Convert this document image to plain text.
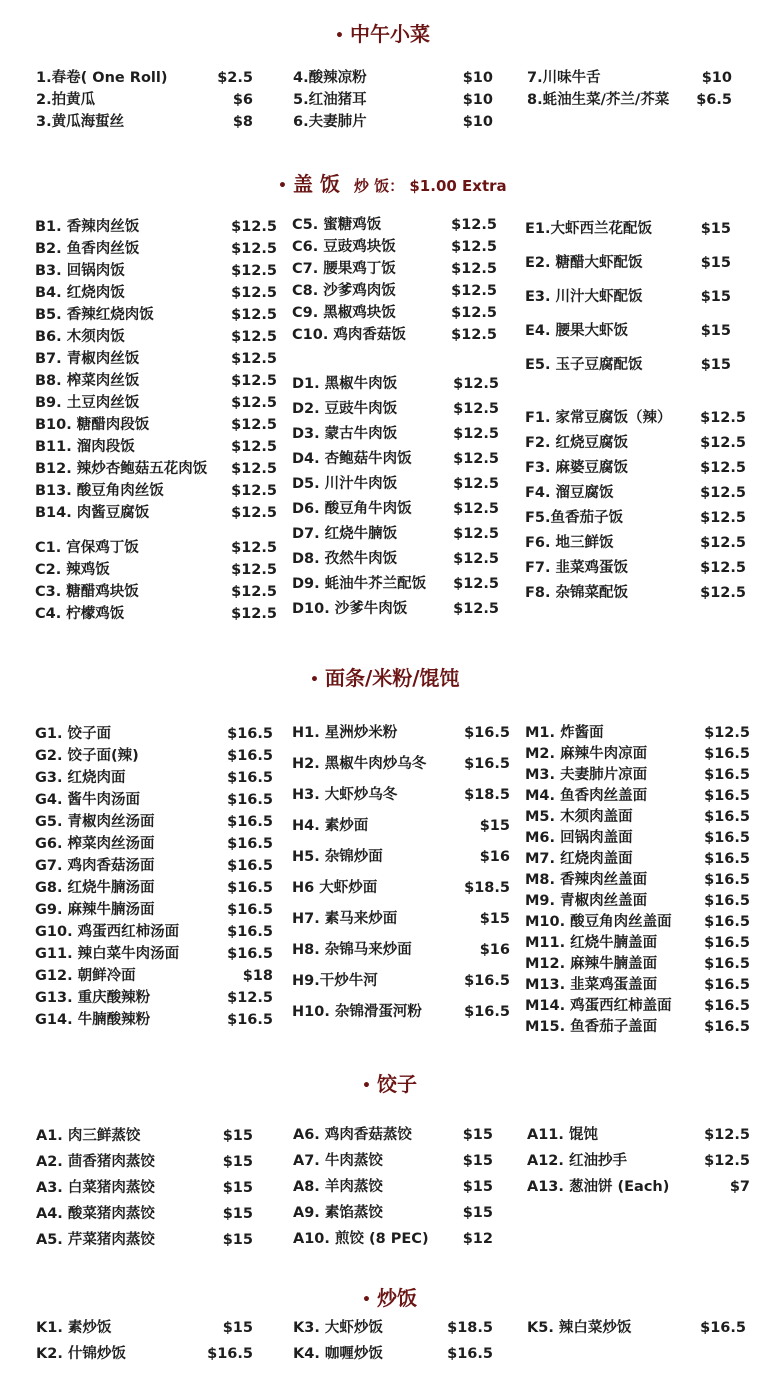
• 中午小菜
• 盖 饭 炒 饭： $1.00 Extra
• 面条/米粉/馄饨
• 饺子
• 炒饭
1.春卷( One Roll)	$2.5
2.拍黄瓜	$6
3.黄瓜海蜇丝	$8
4.酸辣凉粉	$10
5.红油猪耳	$10
6.夫妻肺片	$10
7.川味牛舌	$10
8.蚝油生菜/芥兰/芥菜 $6.5
B1. 香辣肉丝饭	$12.5
B2. 鱼香肉丝饭	$12.5
B3. 回锅肉饭	$12.5
B4. 红烧肉饭	$12.5
B5. 香辣红烧肉饭	$12.5
B6. 木须肉饭	$12.5
B7. 青椒肉丝饭	$12.5
B8. 榨菜肉丝饭	$12.5
B9. 土豆肉丝饭	$12.5
B10. 糖醋肉段饭	$12.5
B11. 溜肉段饭	$12.5
B12. 辣炒杏鲍菇五花肉饭 $12.5
B13. 酸豆角肉丝饭	$12.5
B14. 肉酱豆腐饭	$12.5
C1. 宫保鸡丁饭	$12.5
C2. 辣鸡饭	$12.5
C3. 糖醋鸡块饭	$12.5
C4. 柠檬鸡饭	$12.5
C5. 蜜糖鸡饭	$12.5
C6. 豆豉鸡块饭	$12.5
C7. 腰果鸡丁饭	$12.5
C8. 沙爹鸡肉饭	$12.5
C9. 黑椒鸡块饭	$12.5
C10. 鸡肉香菇饭	$12.5
D1. 黑椒牛肉饭	$12.5
D2. 豆豉牛肉饭	$12.5
D3. 蒙古牛肉饭	$12.5
D4. 杏鲍菇牛肉饭	$12.5
D5. 川汁牛肉饭	$12.5
D6. 酸豆角牛肉饭	$12.5
D7. 红烧牛腩饭	$12.5
D8. 孜然牛肉饭	$12.5
D9. 蚝油牛芥兰配饭 $12.5
D10. 沙爹牛肉饭	$12.5
E1.大虾西兰花配饭	$15
E2. 糖醋大虾配饭	$15
E3. 川汁大虾配饭	$15
E4. 腰果大虾饭	$15
E5. 玉子豆腐配饭	$15
F1. 家常豆腐饭（辣） $12.5
F2. 红烧豆腐饭	$12.5
F3. 麻婆豆腐饭	$12.5
F4. 溜豆腐饭	$12.5
F5.鱼香茄子饭	$12.5
F6. 地三鲜饭	$12.5
F7. 韭菜鸡蛋饭	$12.5
F8. 杂锦菜配饭	$12.5
G1. 饺子面	$16.5
G2. 饺子面(辣)	$16.5
G3. 红烧肉面	$16.5
G4. 酱牛肉汤面	$16.5
G5. 青椒肉丝汤面	$16.5
G6. 榨菜肉丝汤面	$16.5
G7. 鸡肉香菇汤面	$16.5
G8. 红烧牛腩汤面	$16.5
G9. 麻辣牛腩汤面	$16.5
G10. 鸡蛋西红柿汤面	$16.5
G11. 辣白菜牛肉汤面	$16.5
G12. 朝鲜冷面	$18
G13. 重庆酸辣粉	$12.5
G14. 牛腩酸辣粉	$16.5
H1. 星洲炒米粉	$16.5
H2. 黑椒牛肉炒乌冬	$16.5
H3. 大虾炒乌冬	$18.5
H4. 素炒面	$15
H5. 杂锦炒面	$16
H6 大虾炒面	$18.5
H7. 素马来炒面	$15
H8. 杂锦马来炒面	$16
H9.干炒牛河	$16.5
H10. 杂锦滑蛋河粉	$16.5
M1. 炸酱面	$12.5
M2. 麻辣牛肉凉面	$16.5
M3. 夫妻肺片凉面	$16.5
M4. 鱼香肉丝盖面	$16.5
M5. 木须肉盖面	$16.5
M6. 回锅肉盖面	$16.5
M7. 红烧肉盖面	$16.5
M8. 香辣肉丝盖面	$16.5
M9. 青椒肉丝盖面	$16.5
M10. 酸豆角肉丝盖面 $16.5
M11. 红烧牛腩盖面	$16.5
M12. 麻辣牛腩盖面	$16.5
M13. 韭菜鸡蛋盖面	$16.5
M14. 鸡蛋西红柿盖面 $16.5
M15. 鱼香茄子盖面	$16.5
A1. 肉三鲜蒸饺	$15
A2. 茴香猪肉蒸饺	$15
A3. 白菜猪肉蒸饺	$15
A4. 酸菜猪肉蒸饺	$15
A5. 芹菜猪肉蒸饺	$15
A6. 鸡肉香菇蒸饺	$15
A7. 牛肉蒸饺	$15
A8. 羊肉蒸饺	$15
A9. 素馅蒸饺	$15
A10. 煎饺 (8 PEC) $12
A11. 馄饨	$12.5
A12. 红油抄手	$12.5
A13. 葱油饼 (Each)	$7
K1. 素炒饭	$15
K2. 什锦炒饭	$16.5
K3. 大虾炒饭	$18.5
K4. 咖喱炒饭	$16.5
K5. 辣白菜炒饭	$16.5
